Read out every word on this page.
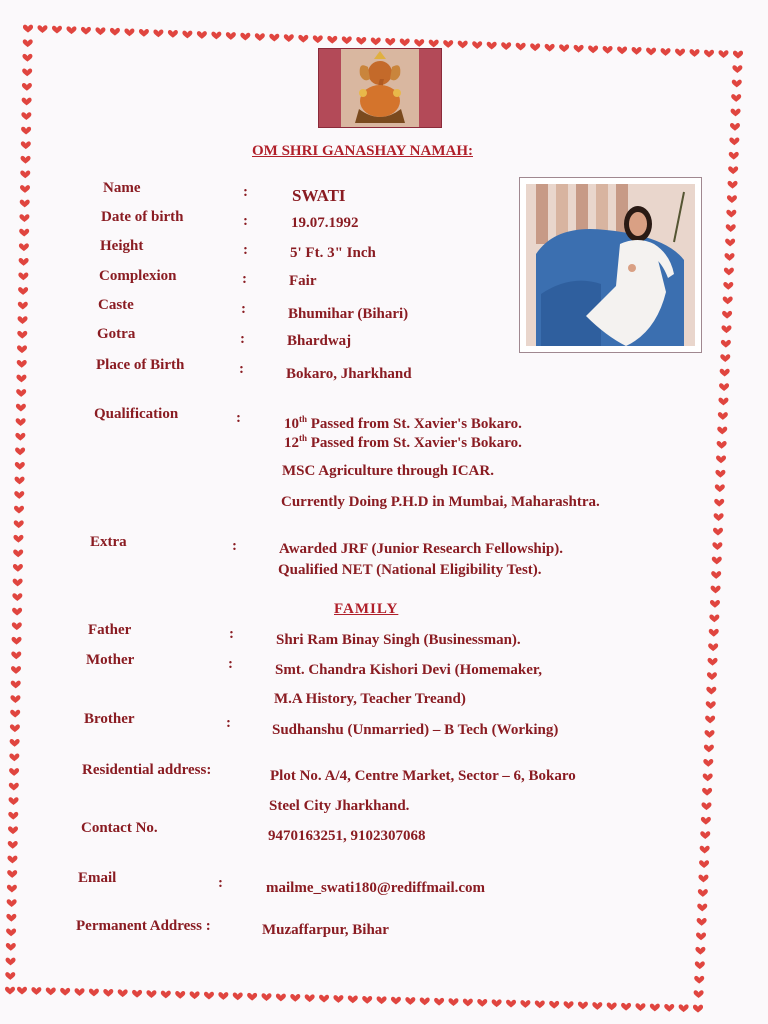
OM SHRI GANASHAY NAMAH:
Name	:	SWATI
Date of birth	:	19.07.1992
Height	:	5' Ft. 3" Inch
Complexion	:	Fair
Caste	:	Bhumihar (Bihari)
Gotra	:	Bhardwaj
Place of Birth	:	Bokaro, Jharkhand
Qualification	:	10th Passed from St. Xavier's Bokaro.
12th Passed from St. Xavier's Bokaro.
MSC Agriculture through ICAR.
Currently Doing P.H.D in Mumbai, Maharashtra.
Extra	:	Awarded JRF (Junior Research Fellowship).
Qualified NET (National Eligibility Test).
FAMILY
Father	:	Shri Ram Binay Singh (Businessman).
Mother	:	Smt. Chandra Kishori Devi (Homemaker,
M.A History, Teacher Treand)
Brother	:	Sudhanshu (Unmarried) – B Tech (Working)
Residential address:	Plot No. A/4, Centre Market, Sector – 6, Bokaro
Steel City Jharkhand.
Contact No.	9470163251, 9102307068
Email	:	mailme_swati180@rediffmail.com
Permanent Address :	Muzaffarpur, Bihar
